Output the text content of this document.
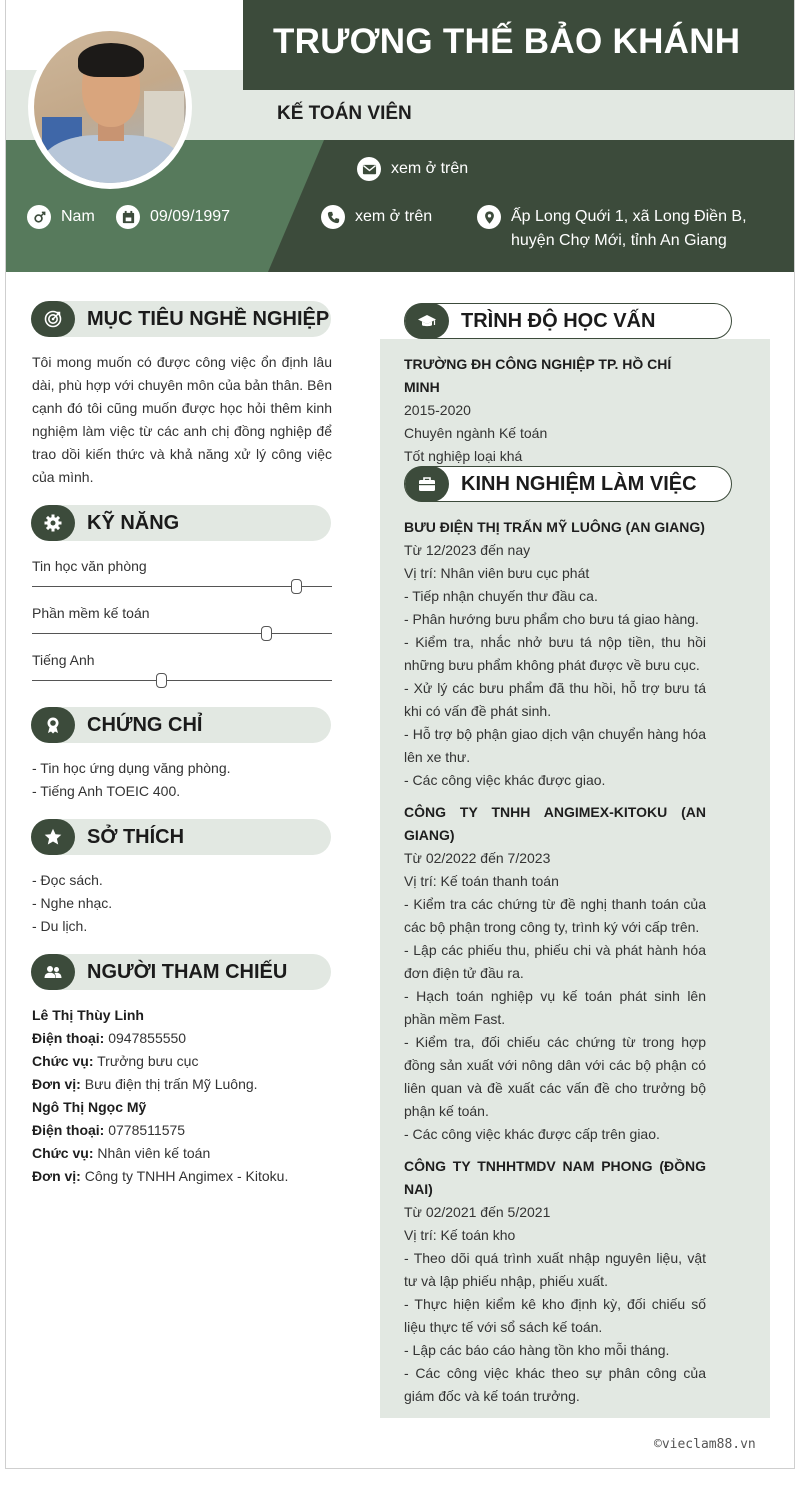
TRƯƠNG THẾ BẢO KHÁNH
KẾ TOÁN VIÊN
xem ở trên
Nam	09/09/1997	xem ở trên	Ấp Long Quới 1, xã Long Điền B,
huyện Chợ Mới, tỉnh An Giang
MỤC TIÊU NGHỀ NGHIỆP
Tôi mong muốn có được công việc ổn định lâu dài, phù hợp với chuyên môn của bản thân. Bên cạnh đó tôi cũng muốn được học hỏi thêm kinh nghiệm làm việc từ các anh chị đồng nghiệp để trao dồi kiến thức và khả năng xử lý công việc của mình.
KỸ NĂNG
Tin học văn phòng
Phần mềm kế toán
Tiếng Anh
CHỨNG CHỈ
- Tin học ứng dụng văng phòng.
- Tiếng Anh TOEIC 400.
SỞ THÍCH
- Đọc sách.
- Nghe nhạc.
- Du lịch.
NGƯỜI THAM CHIẾU
Lê Thị Thùy Linh
Điện thoại: 0947855550
Chức vụ: Trưởng bưu cục
Đơn vị: Bưu điện thị trấn Mỹ Luông.
Ngô Thị Ngọc Mỹ
Điện thoại: 0778511575
Chức vụ: Nhân viên kế toán
Đơn vị: Công ty TNHH Angimex - Kitoku.
TRÌNH ĐỘ HỌC VẤN
TRƯỜNG ĐH CÔNG NGHIỆP TP. HỒ CHÍ MINH
2015-2020
Chuyên ngành Kế toán
Tốt nghiệp loại khá
KINH NGHIỆM LÀM VIỆC
BƯU ĐIỆN THỊ TRẤN MỸ LUÔNG (AN GIANG)
Từ 12/2023 đến nay
Vị trí: Nhân viên bưu cục phát
- Tiếp nhận chuyến thư đầu ca.
- Phân hướng bưu phẩm cho bưu tá giao hàng.
- Kiểm tra, nhắc nhở bưu tá nộp tiền, thu hồi những bưu phẩm không phát được về bưu cục.
- Xử lý các bưu phẩm đã thu hồi, hỗ trợ bưu tá khi có vấn đề phát sinh.
- Hỗ trợ bộ phận giao dịch vận chuyển hàng hóa lên xe thư.
- Các công việc khác được giao.
CÔNG TY TNHH ANGIMEX-KITOKU (AN GIANG)
Từ 02/2022 đến 7/2023
Vị trí: Kế toán thanh toán
- Kiểm tra các chứng từ đề nghị thanh toán của các bộ phận trong công ty, trình ký với cấp trên.
- Lập các phiếu thu, phiếu chi và phát hành hóa đơn điện tử đầu ra.
- Hạch toán nghiệp vụ kế toán phát sinh lên phần mềm Fast.
- Kiểm tra, đối chiếu các chứng từ trong hợp đồng sản xuất với nông dân với các bộ phận có liên quan và đề xuất các vấn đề cho trưởng bộ phận kế toán.
- Các công việc khác được cấp trên giao.
CÔNG TY TNHHTMDV NAM PHONG (ĐỒNG NAI)
Từ 02/2021 đến 5/2021
Vị trí: Kế toán kho
- Theo dõi quá trình xuất nhập nguyên liệu, vật tư và lập phiếu nhập, phiếu xuất.
- Thực hiện kiểm kê kho định kỳ, đối chiếu số liệu thực tế với sổ sách kế toán.
- Lập các báo cáo hàng tồn kho mỗi tháng.
- Các công việc khác theo sự phân công của giám đốc và kế toán trưởng.
©vieclam88.vn
